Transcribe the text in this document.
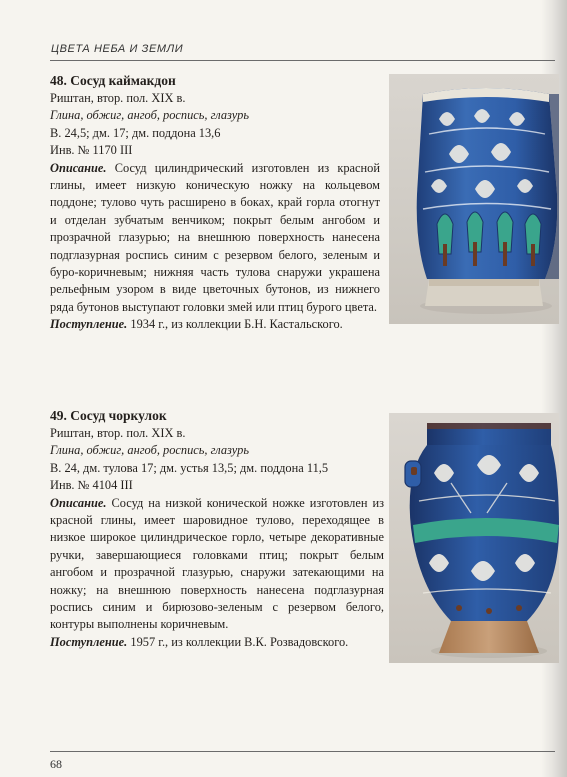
ЦВЕТА НЕБА И ЗЕМЛИ

48. Сосуд каймакдон

Риштан, втор. пол. XIX в.

Глина, обжиг, ангоб, роспись, глазурь

В. 24,5; дм. 17; дм. поддона 13,6

Инв. № 1170 III

Описание. Сосуд цилиндрический изготовлен из красной глины, имеет низкую коническую ножку на кольцевом поддоне; тулово чуть расширено в боках, край горла отогнут и отделан зубчатым венчиком; покрыт белым ангобом и прозрачной глазурью; на внешнюю поверхность нанесена подглазурная роспись синим с резервом белого, зеленым и буро-коричневым; нижняя часть тулова снаружи украшена рельефным узором в виде цветочных бутонов, из нижнего ряда бутонов выступают головки змей или птиц бурого цвета.

Поступление. 1934 г., из коллекции Б.Н. Кастальского.

49. Сосуд чоркулок

Риштан, втор. пол. XIX в.

Глина, обжиг, ангоб, роспись, глазурь

В. 24, дм. тулова 17; дм. устья 13,5; дм. поддона 11,5

Инв. № 4104 III

Описание. Сосуд на низкой конической ножке изготовлен из красной глины, имеет шаровидное тулово, переходящее в низкое широкое цилиндрическое горло, четыре декоративные ручки, завершающиеся головками птиц; покрыт белым ангобом и прозрачной глазурью, снаружи затекающими на ножку; на внешнюю поверхность нанесена подглазурная роспись синим и бирюзово-зеленым с резервом белого, контуры выполнены коричневым.

Поступление. 1957 г., из коллекции В.К. Розвадовского.

68
